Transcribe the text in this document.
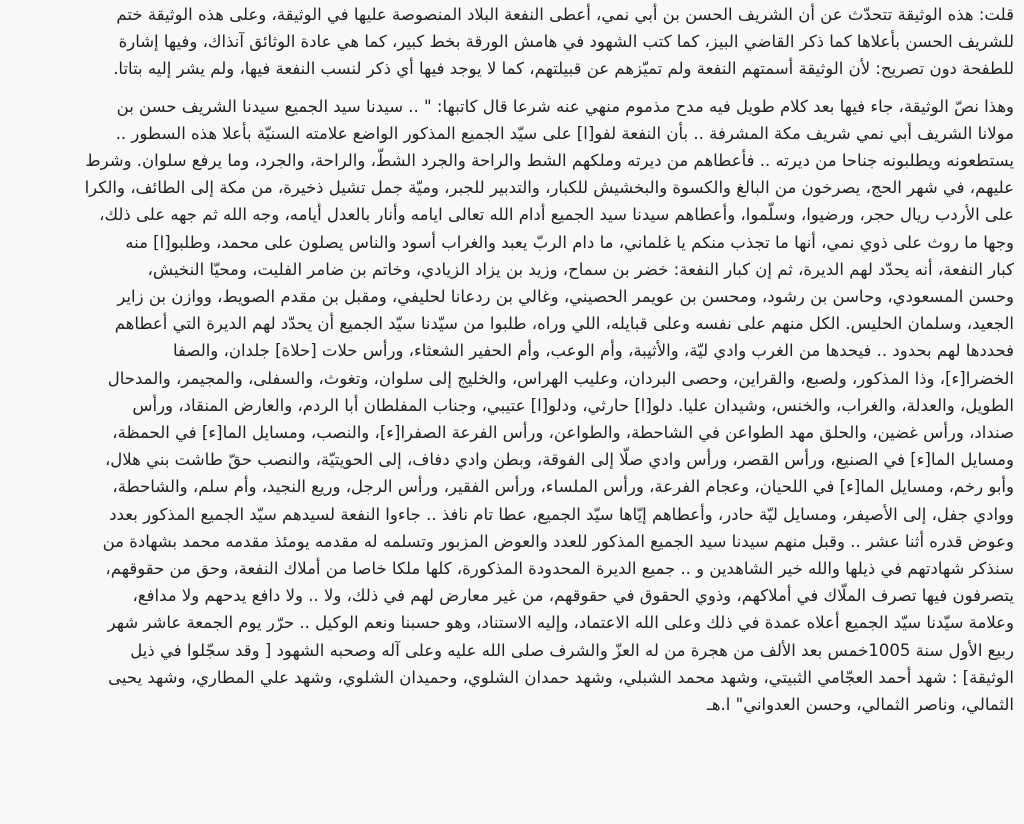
قلت: هذه الوثيقة تتحدّث عن أن الشريف الحسن بن أبي نمي، أعطى النفعة البلاد المنصوصة عليها في الوثيقة، وعلى هذه الوثيقة ختم
للشريف الحسن بأعلاها كما ذكر القاضي البيز، كما كتب الشهود في هامش الورقة بخط كبير، كما هي عادة الوثائق آنذاك، وفيها إشارة
للطفحة دون تصريح: لأن الوثيقة أسمتهم النفعة ولم تميّزهم عن قبيلتهم، كما لا يوجد فيها أي ذكر لنسب النفعة فيها، ولم يشر إليه بتاتا.

وهذا نصّ الوثيقة، جاء فيها بعد كلام طويل فيه مدح مذموم منهي عنه شرعا قال كاتبها: " .. سيدنا سيد الجميع سيدنا الشريف حسن بن
مولانا الشريف أبي نمي شريف مكة المشرفة .. بأن النفعة لفو[ا] على سيّد الجميع المذكور الواضع علامته السنيّة بأعلا هذه السطور ..
يستطعونه ويطلبونه جناحا من ديرته .. فأعطاهم من ديرته وملكهم الشط والراحة والجرد الشطّ، والراحة، والجرد، وما يرفع سلوان. وشرط
عليهم، في شهر الحج، يصرخون من البالغ والكسوة والبخشيش للكبار، والتدبير للجبر، وميّة جمل تشيل ذخيرة، من مكة إلى الطائف، والكرا
على الأردب ريال حجر، ورضيوا، وسلّموا، وأعطاهم سيدنا سيد الجميع أدام الله تعالى ايامه وأنار بالعدل أيامه، وجه الله ثم جهه على ذلك،
وجها ما روث على ذوي نمي، أنها ما تجذب منكم يا غلماني، ما دام الربّ يعبد والغراب أسود والناس يصلون على محمد، وطلبو[ا] منه
كبار النفعة، أنه يحدّد لهم الديرة، ثم إن كبار النفعة: خضر بن سماح، وزيد بن يزاد الزيادي، وخاتم بن ضامر الفليت، ومحيّا النخيش،
وحسن المسعودي، وحاسن بن رشود، ومحسن بن عويمر الحصيني، وغالي بن ردعانا لحليفي، ومقبل بن مقدم الصويط، ووازن بن زاير
الجعيد، وسلمان الحليس. الكل منهم على نفسه وعلى قبايله، اللي وراه، طلبوا من سيّدنا سيّد الجميع أن يحدّد لهم الديرة التي أعطاهم
فحددها لهم بحدود .. فيحدها من الغرب وادي ليّة، والأثيبة، وأم الوعب، وأم الحفير الشعثاء، ورأس حلات [حلاة] جلدان، والصفا
الخضرا[ء]، وذا المذكور، ولصبع، والقراين، وحصى البردان، وعليب الهراس، والخليج إلى سلوان، وتغوث، والسفلى، والمجيمر، والمدحال
الطويل، والعدلة، والغراب، والخنس، وشيدان عليا. دلو[ا] حارثي، ودلو[ا] عتيبي، وجناب المفلطان أبا الردم، والعارض المنقاد، ورأس
صنداد، ورأس غضين، والحلق مهد الطواعن في الشاحطة، والطواعن، ورأس الفرعة الصفرا[ء]، والنصب، ومسايل الما[ء] في الحمظة،
ومسايل الما[ء] في الصنيع، ورأس القصر، ورأس وادي صلّا إلى الفوقة، وبطن وادي دفاف، إلى الحويتيّة، والنصب حقّ طاشت بني هلال،
وأبو رخم، ومسايل الما[ء] في اللحيان، وعجام الفرعة، ورأس الملساء، ورأس الفقير، ورأس الرجل، وريع النجيد، وأم سلم، والشاحطة،
ووادي جفل، إلى الأصيفر، ومسايل ليّة حادر، وأعطاهم إيّاها سيّد الجميع، عطا تام نافذ .. جاءوا النفعة لسيدهم سيّد الجميع المذكور بعدد
وعوض قدره أثنا عشر .. وقبل منهم سيدنا سيد الجميع المذكور للعدد والعوض المزبور وتسلمه له مقدمه يومئذ مقدمه محمد بشهادة من
سنذكر شهادتهم في ذيلها والله خير الشاهدين و .. جميع الديرة المحدودة المذكورة، كلها ملكا خاصا من أملاك النفعة، وحق من حقوقهم،
يتصرفون فيها تصرف الملّاك في أملاكهم، وذوي الحقوق في حقوقهم، من غير معارض لهم في ذلك، ولا .. ولا دافع يدحهم ولا مدافع،
وعلامة سيّدنا سيّد الجميع أعلاه عمدة في ذلك وعلى الله الاعتماد، وإليه الاستناد، وهو حسبنا ونعم الوكيل .. حرّر يوم الجمعة عاشر شهر
ربيع الأول سنة 1005خمس بعد الألف من هجرة من له العزّ والشرف صلى الله عليه وعلى آله وصحبه الشهود [ وقد سجّلوا في ذيل
الوثيقة] : شهد أحمد العجّامي الثبيتي، وشهد محمد الشبلي، وشهد حمدان الشلوي، وحميدان الشلوي، وشهد علي المطاري، وشهد يحيى
الثمالي، وناصر الثمالي، وحسن العدواني" ا.هـ
